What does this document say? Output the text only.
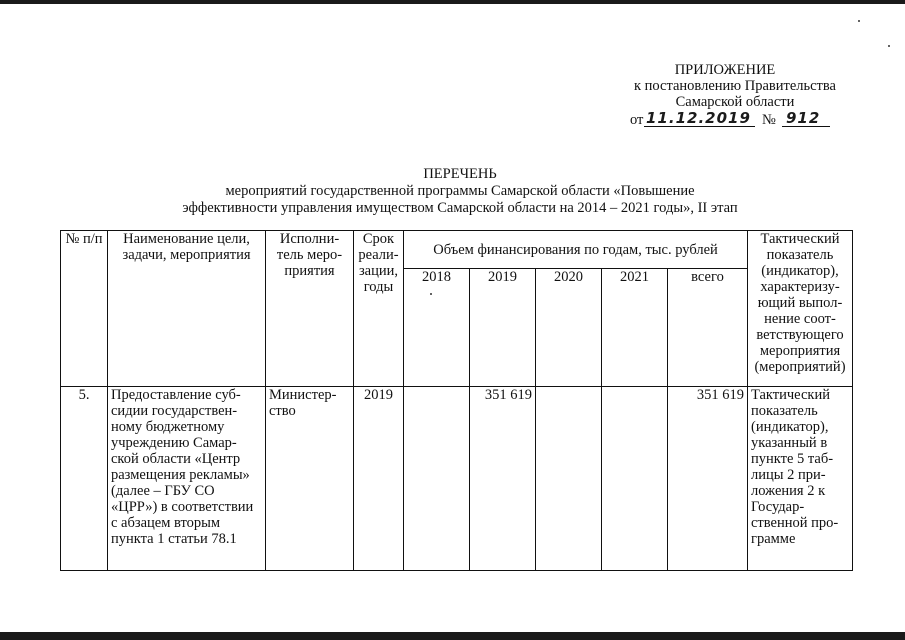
ПРИЛОЖЕНИЕ
к постановлению Правительства
Самарской области
от 11.12.2019 № 912
ПЕРЕЧЕНЬ
мероприятий государственной программы Самарской области «Повышение
эффективности управления имуществом Самарской области на 2014 – 2021 годы», II этап
№ п/п	Наименование цели, задачи, мероприятия	Исполни-тель меро-приятия	Срок реали-зации, годы	Объем финансирования по годам, тыс. рублей					Тактический показатель (индикатор), характеризу-ющий выпол-нение соот-ветствующего мероприятия (мероприятий)
				2018	2019	2020	2021	всего	
5.	Предоставление суб-сидии государствен-ному бюджетному учреждению Самар-ской области «Центр размещения рекламы» (далее – ГБУ СО «ЦРР») в соответствии с абзацем вторым пункта 1 статьи 78.1	Министер-ство	2019		351 619			351 619	Тактический показатель (индикатор), указанный в пункте 5 таб-лицы 2 при-ложения 2 к Государ-ственной про-грамме
